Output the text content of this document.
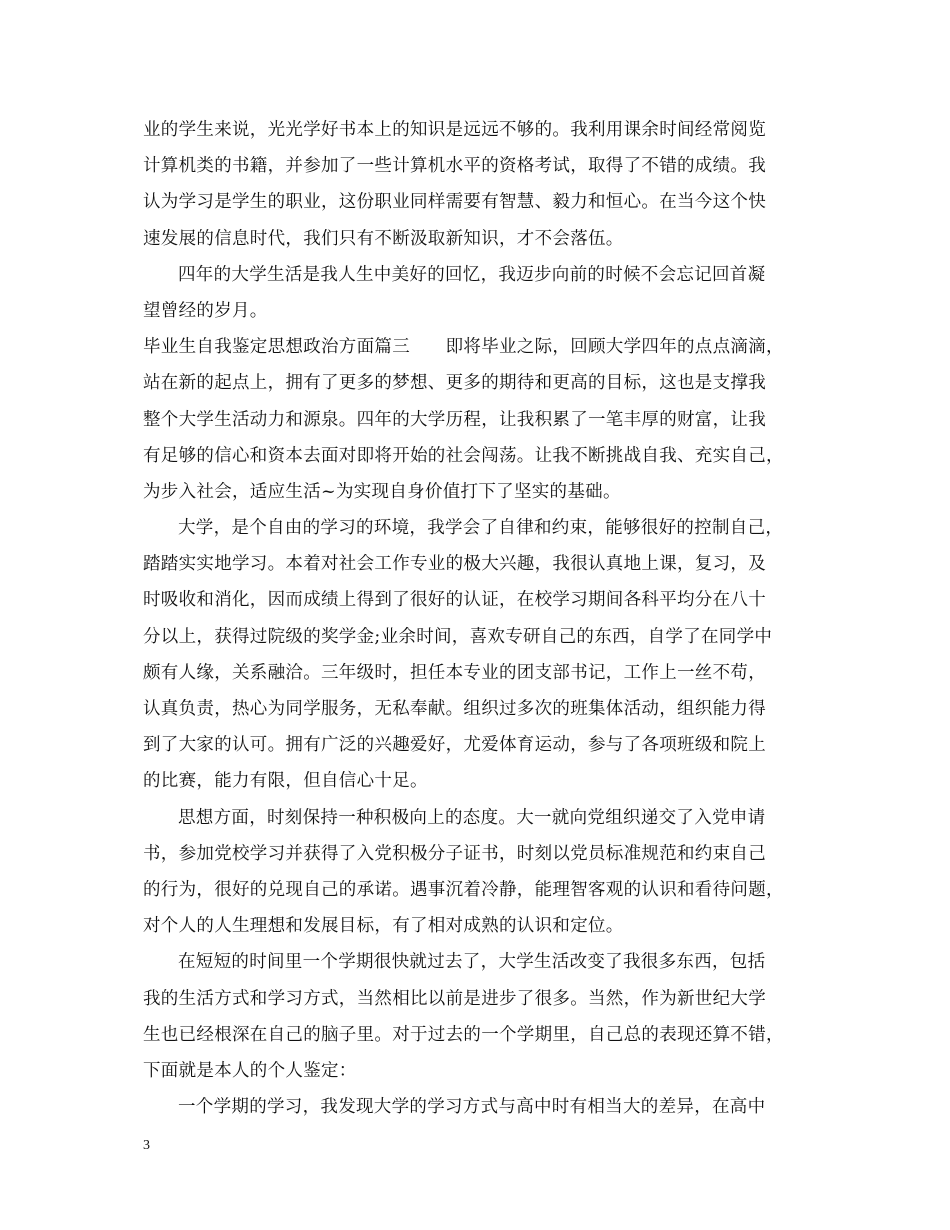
业的学生来说，光光学好书本上的知识是远远不够的。我利用课余时间经常阅览
计算机类的书籍，并参加了一些计算机水平的资格考试，取得了不错的成绩。我
认为学习是学生的职业，这份职业同样需要有智慧、毅力和恒心。在当今这个快
速发展的信息时代，我们只有不断汲取新知识，才不会落伍。
四年的大学生活是我人生中美好的回忆，我迈步向前的时候不会忘记回首凝
望曾经的岁月。
毕业生自我鉴定思想政治方面篇三　　即将毕业之际，回顾大学四年的点点滴滴，
站在新的起点上，拥有了更多的梦想、更多的期待和更高的目标，这也是支撑我
整个大学生活动力和源泉。四年的大学历程，让我积累了一笔丰厚的财富，让我
有足够的信心和资本去面对即将开始的社会闯荡。让我不断挑战自我、充实自己，
为步入社会，适应生活~为实现自身价值打下了坚实的基础。
大学，是个自由的学习的环境，我学会了自律和约束，能够很好的控制自己，
踏踏实实地学习。本着对社会工作专业的极大兴趣，我很认真地上课，复习，及
时吸收和消化，因而成绩上得到了很好的认证，在校学习期间各科平均分在八十
分以上，获得过院级的奖学金;业余时间，喜欢专研自己的东西，自学了在同学中
颇有人缘，关系融洽。三年级时，担任本专业的团支部书记，工作上一丝不苟，
认真负责，热心为同学服务，无私奉献。组织过多次的班集体活动，组织能力得
到了大家的认可。拥有广泛的兴趣爱好，尤爱体育运动，参与了各项班级和院上
的比赛，能力有限，但自信心十足。
思想方面，时刻保持一种积极向上的态度。大一就向党组织递交了入党申请
书，参加党校学习并获得了入党积极分子证书，时刻以党员标准规范和约束自己
的行为，很好的兑现自己的承诺。遇事沉着冷静，能理智客观的认识和看待问题，
对个人的人生理想和发展目标，有了相对成熟的认识和定位。
在短短的时间里一个学期很快就过去了，大学生活改变了我很多东西，包括
我的生活方式和学习方式，当然相比以前是进步了很多。当然，作为新世纪大学
生也已经根深在自己的脑子里。对于过去的一个学期里，自己总的表现还算不错，
下面就是本人的个人鉴定：
一个学期的学习，我发现大学的学习方式与高中时有相当大的差异，在高中
3
